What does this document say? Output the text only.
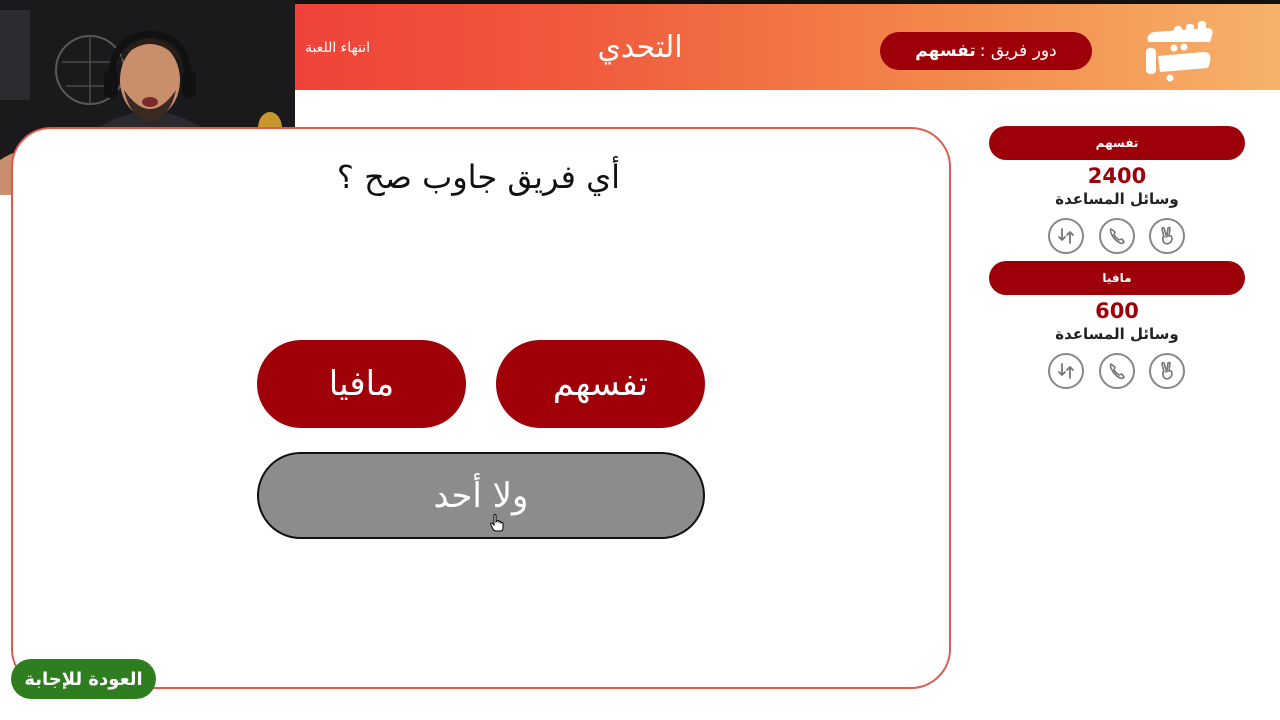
انتهاء اللعبة	التحدي	دور فريق :
تفسهم
أي فريق جاوب صح ؟
تفسهم
مافيا
ولا أحد
العودة للإجابة
تفسهم
2400
وسائل المساعدة
مافيا
600
وسائل المساعدة
